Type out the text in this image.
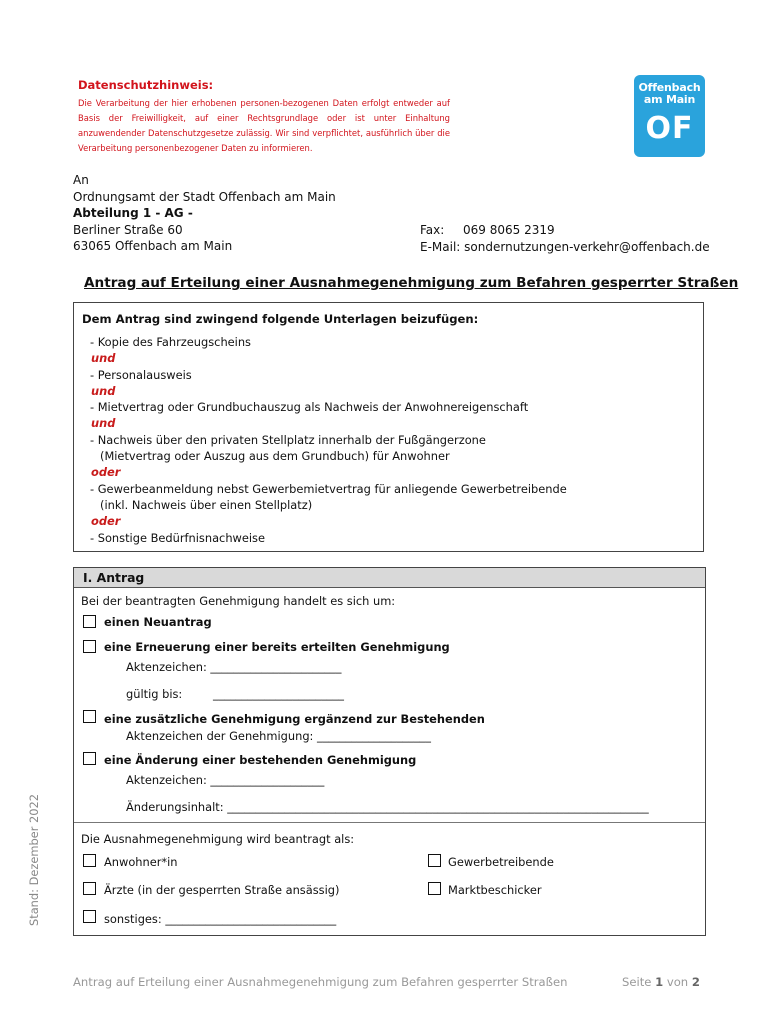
Datenschutzhinweis:
Die Verarbeitung der hier erhobenen personen-bezogenen Daten erfolgt entweder auf Basis der Freiwilligkeit, auf einer Rechtsgrundlage oder ist unter Einhaltung anzuwendender Datenschutzgesetze zulässig. Wir sind verpflichtet, ausführlich über die Verarbeitung personenbezogener Daten zu informieren.
Offenbach
am Main
OF
An
Ordnungsamt der Stadt Offenbach am Main
Abteilung 1 - AG -
Berliner Straße 60
63065 Offenbach am Main
Fax: 069 8065 2319
E-Mail: sondernutzungen-verkehr@offenbach.de
Antrag auf Erteilung einer Ausnahmegenehmigung zum Befahren gesperrter Straßen
Dem Antrag sind zwingend folgende Unterlagen beizufügen:
- Kopie des Fahrzeugscheins
und
- Personalausweis
und
- Mietvertrag oder Grundbuchauszug als Nachweis der Anwohnereigenschaft
und
- Nachweis über den privaten Stellplatz innerhalb der Fußgängerzone
(Mietvertrag oder Auszug aus dem Grundbuch) für Anwohner
oder
- Gewerbeanmeldung nebst Gewerbemietvertrag für anliegende Gewerbetreibende
(inkl. Nachweis über einen Stellplatz)
oder
- Sonstige Bedürfnisnachweise
I. Antrag
Bei der beantragten Genehmigung handelt es sich um:
einen Neuantrag
eine Erneuerung einer bereits erteilten Genehmigung
Aktenzeichen: _______________________
gültig bis:	_______________________
eine zusätzliche Genehmigung ergänzend zur Bestehenden
Aktenzeichen der Genehmigung: ____________________
eine Änderung einer bestehenden Genehmigung
Aktenzeichen: ____________________
Änderungsinhalt: __________________________________________________________________________
Die Ausnahmegenehmigung wird beantragt als:
Anwohner*in	Gewerbetreibende
Ärzte (in der gesperrten Straße ansässig)	Marktbeschicker
sonstiges: ______________________________
Antrag auf Erteilung einer Ausnahmegenehmigung zum Befahren gesperrter Straßen	Seite 1 von 2
Stand: Dezember 2022
